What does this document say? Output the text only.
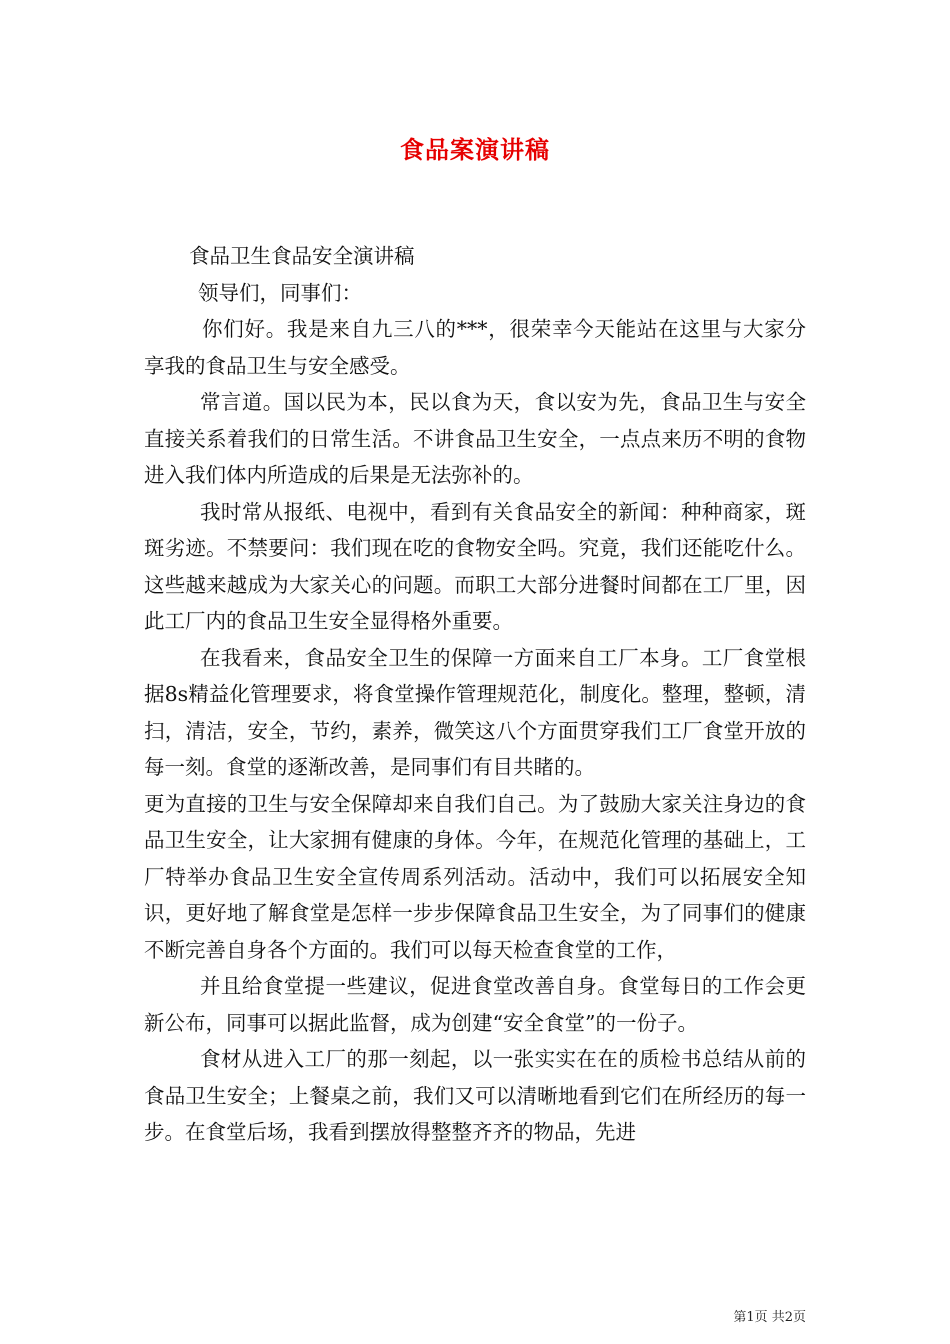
食品案演讲稿

食品卫生食品安全演讲稿

领导们，同事们：

你们好。我是来自九三八的***，很荣幸今天能站在这里与大家分享我的食品卫生与安全感受。

常言道。国以民为本，民以食为天，食以安为先，食品卫生与安全直接关系着我们的日常生活。不讲食品卫生安全，一点点来历不明的食物进入我们体内所造成的后果是无法弥补的。

我时常从报纸、电视中，看到有关食品安全的新闻：种种商家，斑斑劣迹。不禁要问：我们现在吃的食物安全吗。究竟，我们还能吃什么。这些越来越成为大家关心的问题。而职工大部分进餐时间都在工厂里，因此工厂内的食品卫生安全显得格外重要。

在我看来，食品安全卫生的保障一方面来自工厂本身。工厂食堂根据8s精益化管理要求，将食堂操作管理规范化，制度化。整理，整顿，清扫，清洁，安全，节约，素养，微笑这八个方面贯穿我们工厂食堂开放的每一刻。食堂的逐渐改善，是同事们有目共睹的。

更为直接的卫生与安全保障却来自我们自己。为了鼓励大家关注身边的食品卫生安全，让大家拥有健康的身体。今年，在规范化管理的基础上，工厂特举办食品卫生安全宣传周系列活动。活动中，我们可以拓展安全知识，更好地了解食堂是怎样一步步保障食品卫生安全，为了同事们的健康不断完善自身各个方面的。我们可以每天检查食堂的工作，

并且给食堂提一些建议，促进食堂改善自身。食堂每日的工作会更新公布，同事可以据此监督，成为创建“安全食堂”的一份子。

食材从进入工厂的那一刻起，以一张实实在在的质检书总结从前的食品卫生安全；上餐桌之前，我们又可以清晰地看到它们在所经历的每一步。在食堂后场，我看到摆放得整整齐齐的物品，先进

第1页 共2页
